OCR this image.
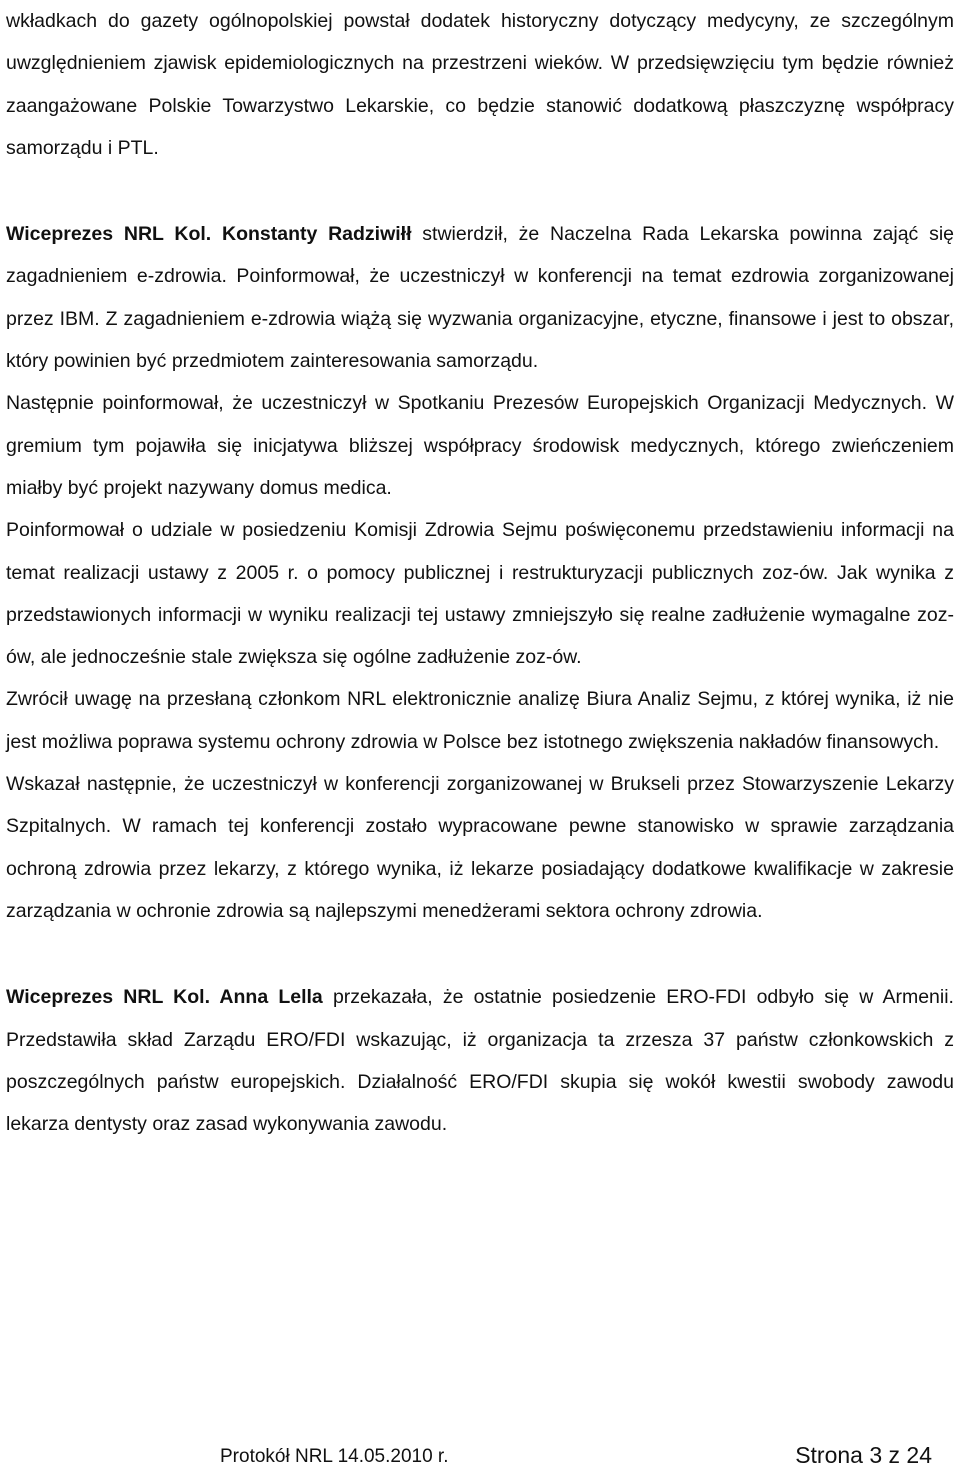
wkładkach do gazety ogólnopolskiej powstał dodatek historyczny dotyczący medycyny, ze szczególnym uwzględnieniem zjawisk epidemiologicznych na przestrzeni wieków. W przedsięwzięciu tym będzie również zaangażowane Polskie Towarzystwo Lekarskie, co będzie stanowić dodatkową płaszczyznę współpracy samorządu i PTL.

Wiceprezes NRL Kol. Konstanty Radziwiłł stwierdził, że Naczelna Rada Lekarska powinna zająć się zagadnieniem e-zdrowia. Poinformował, że uczestniczył w konferencji na temat ezdrowia zorganizowanej przez IBM. Z zagadnieniem e-zdrowia wiążą się wyzwania organizacyjne, etyczne, finansowe i jest to obszar, który powinien być przedmiotem zainteresowania samorządu.

Następnie poinformował, że uczestniczył w Spotkaniu Prezesów Europejskich Organizacji Medycznych. W gremium tym pojawiła się inicjatywa bliższej współpracy środowisk medycznych, którego zwieńczeniem miałby być projekt nazywany domus medica.

Poinformował o udziale w posiedzeniu Komisji Zdrowia Sejmu poświęconemu przedstawieniu informacji na temat realizacji ustawy z 2005 r. o pomocy publicznej i restrukturyzacji publicznych zoz-ów. Jak wynika z przedstawionych informacji w wyniku realizacji tej ustawy zmniejszyło się realne zadłużenie wymagalne zoz-ów, ale jednocześnie stale zwiększa się ogólne zadłużenie zoz-ów.

Zwrócił uwagę na przesłaną członkom NRL elektronicznie analizę Biura Analiz Sejmu, z której wynika, iż nie jest możliwa poprawa systemu ochrony zdrowia w Polsce bez istotnego zwiększenia nakładów finansowych.

Wskazał następnie, że uczestniczył w konferencji zorganizowanej w Brukseli przez Stowarzyszenie Lekarzy Szpitalnych. W ramach tej konferencji zostało wypracowane pewne stanowisko w sprawie zarządzania ochroną zdrowia przez lekarzy, z którego wynika, iż lekarze posiadający dodatkowe kwalifikacje w zakresie zarządzania w ochronie zdrowia są najlepszymi menedżerami sektora ochrony zdrowia.

Wiceprezes NRL Kol. Anna Lella przekazała, że ostatnie posiedzenie ERO-FDI odbyło się w Armenii. Przedstawiła skład Zarządu ERO/FDI wskazując, iż organizacja ta zrzesza 37 państw członkowskich z poszczególnych państw europejskich. Działalność ERO/FDI skupia się wokół kwestii swobody zawodu lekarza dentysty oraz zasad wykonywania zawodu.

Protokół NRL 14.05.2010 r.	Strona 3 z 24
